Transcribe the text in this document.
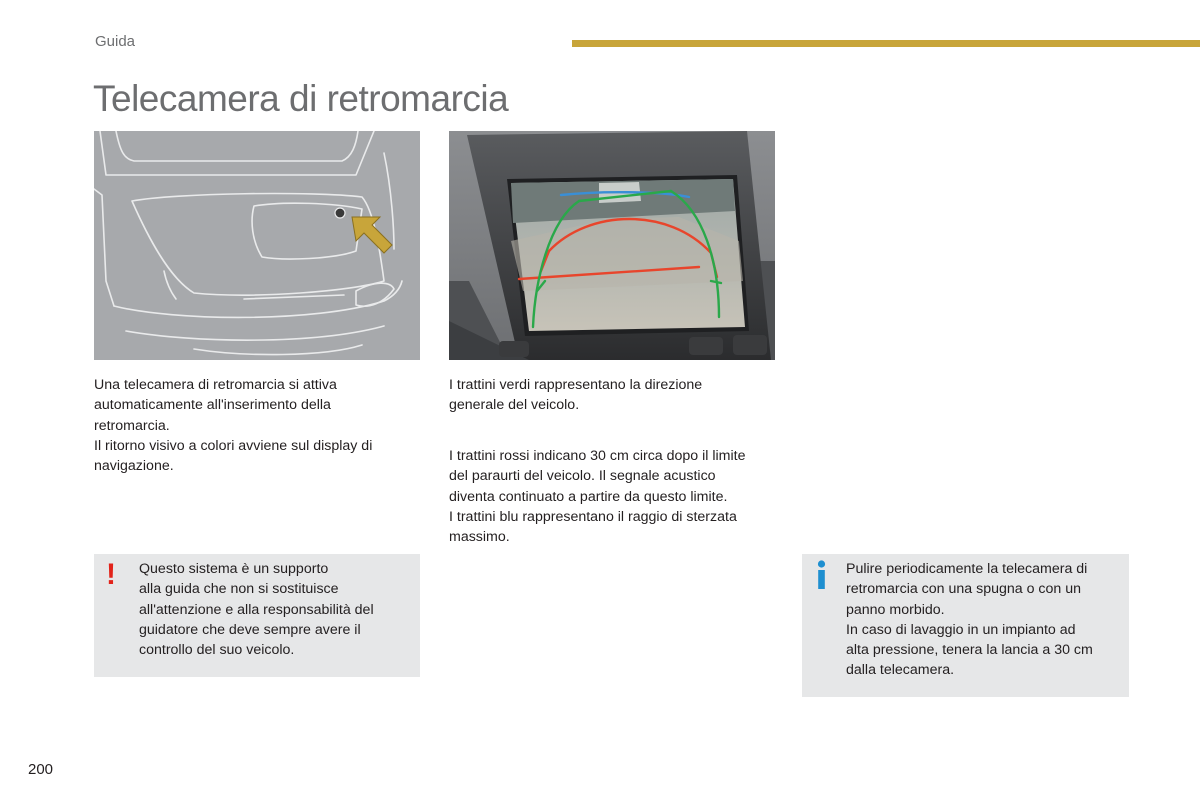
Guida
Telecamera di retromarcia
Una telecamera di retromarcia si attiva
automaticamente all'inserimento della
retromarcia.
Il ritorno visivo a colori avviene sul display di
navigazione.
I trattini verdi rappresentano la direzione
generale del veicolo.
I trattini rossi indicano 30 cm circa dopo il limite
del paraurti del veicolo. Il segnale acustico
diventa continuato a partire da questo limite.
I trattini blu rappresentano il raggio di sterzata
massimo.
! Questo sistema è un supporto
alla guida che non si sostituisce
all'attenzione e alla responsabilità del
guidatore che deve sempre avere il
controllo del suo veicolo.
Pulire periodicamente la telecamera di
retromarcia con una spugna o con un
panno morbido.
In caso di lavaggio in un impianto ad
alta pressione, tenera la lancia a 30 cm
dalla telecamera.
200
